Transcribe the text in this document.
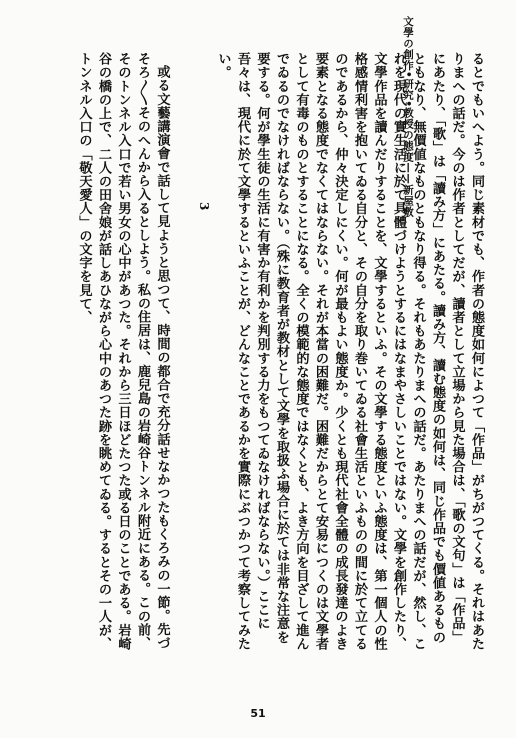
文學の創作•研究•教授の態度——新屋敷	るとでもいへよう。同じ素材でも、作者の態度如何によつて「作品」がちがつてくる。それはあたりまへの話だ。今のは作者としてだが、讀者として立場から見た場合は、「歌の文句」は「作品」にあたり、「歌」は「讀み方」にあたる。讀み方、讀む態度の如何は、同じ作品でも價値あるものともなり、無價値なものともなり得る。それもあたりまへの話だ。あたりまへの話だが、然し、これを現代の實生活に於て具體づけようとするにはなまやさしいことではない。文學を創作したり、文學作品を讀んだりすることを、文學するといふ。その文學する態度といふ態度は、第一個人の性格感情利害を抱いてゐる自分と、その自分を取り巻いてゐる社會生活といふものの間に於て立てるのであるから、仲々決定しにくい。何が最もよい態度か。少くとも現代社會全體の成長發達のよき要素となる態度でなくてはならない。それが本當の困難だ。困難だからとて安易につくのは文學者として有毒のものとすることになる。全くの模範的な態度ではなくとも、よき方向を目ざして進んでゐるのでなければならない。（殊に教育者が教材として文學を取扱ふ場合に於ては非常な注意を要する。何が學生徒の生活に有害か有利かを判別する力をもつてゐなければならない。）ここに吾々は、現代に於て文學するといふことが、どんなことであるかを實際にぶつかつて考察してみたい。

3

或る文藝講演會で話して見ようと思つて、時間の都合で充分話せなかつたもくろみの一節。先づそろ〳〵そのへんから入るとしよう。私の住居は、鹿兒島の岩崎谷トンネル附近にある。この前、そのトンネル入口で若い男女の心中があつた。それから三日ほどたつた或る日のことである。岩崎谷の橋の上で、二人の田舍娘が話しあひながら心中のあつた跡を眺めてゐる。するとその一人が、トンネル入口の「敬天愛人」の文字を見て、

51
